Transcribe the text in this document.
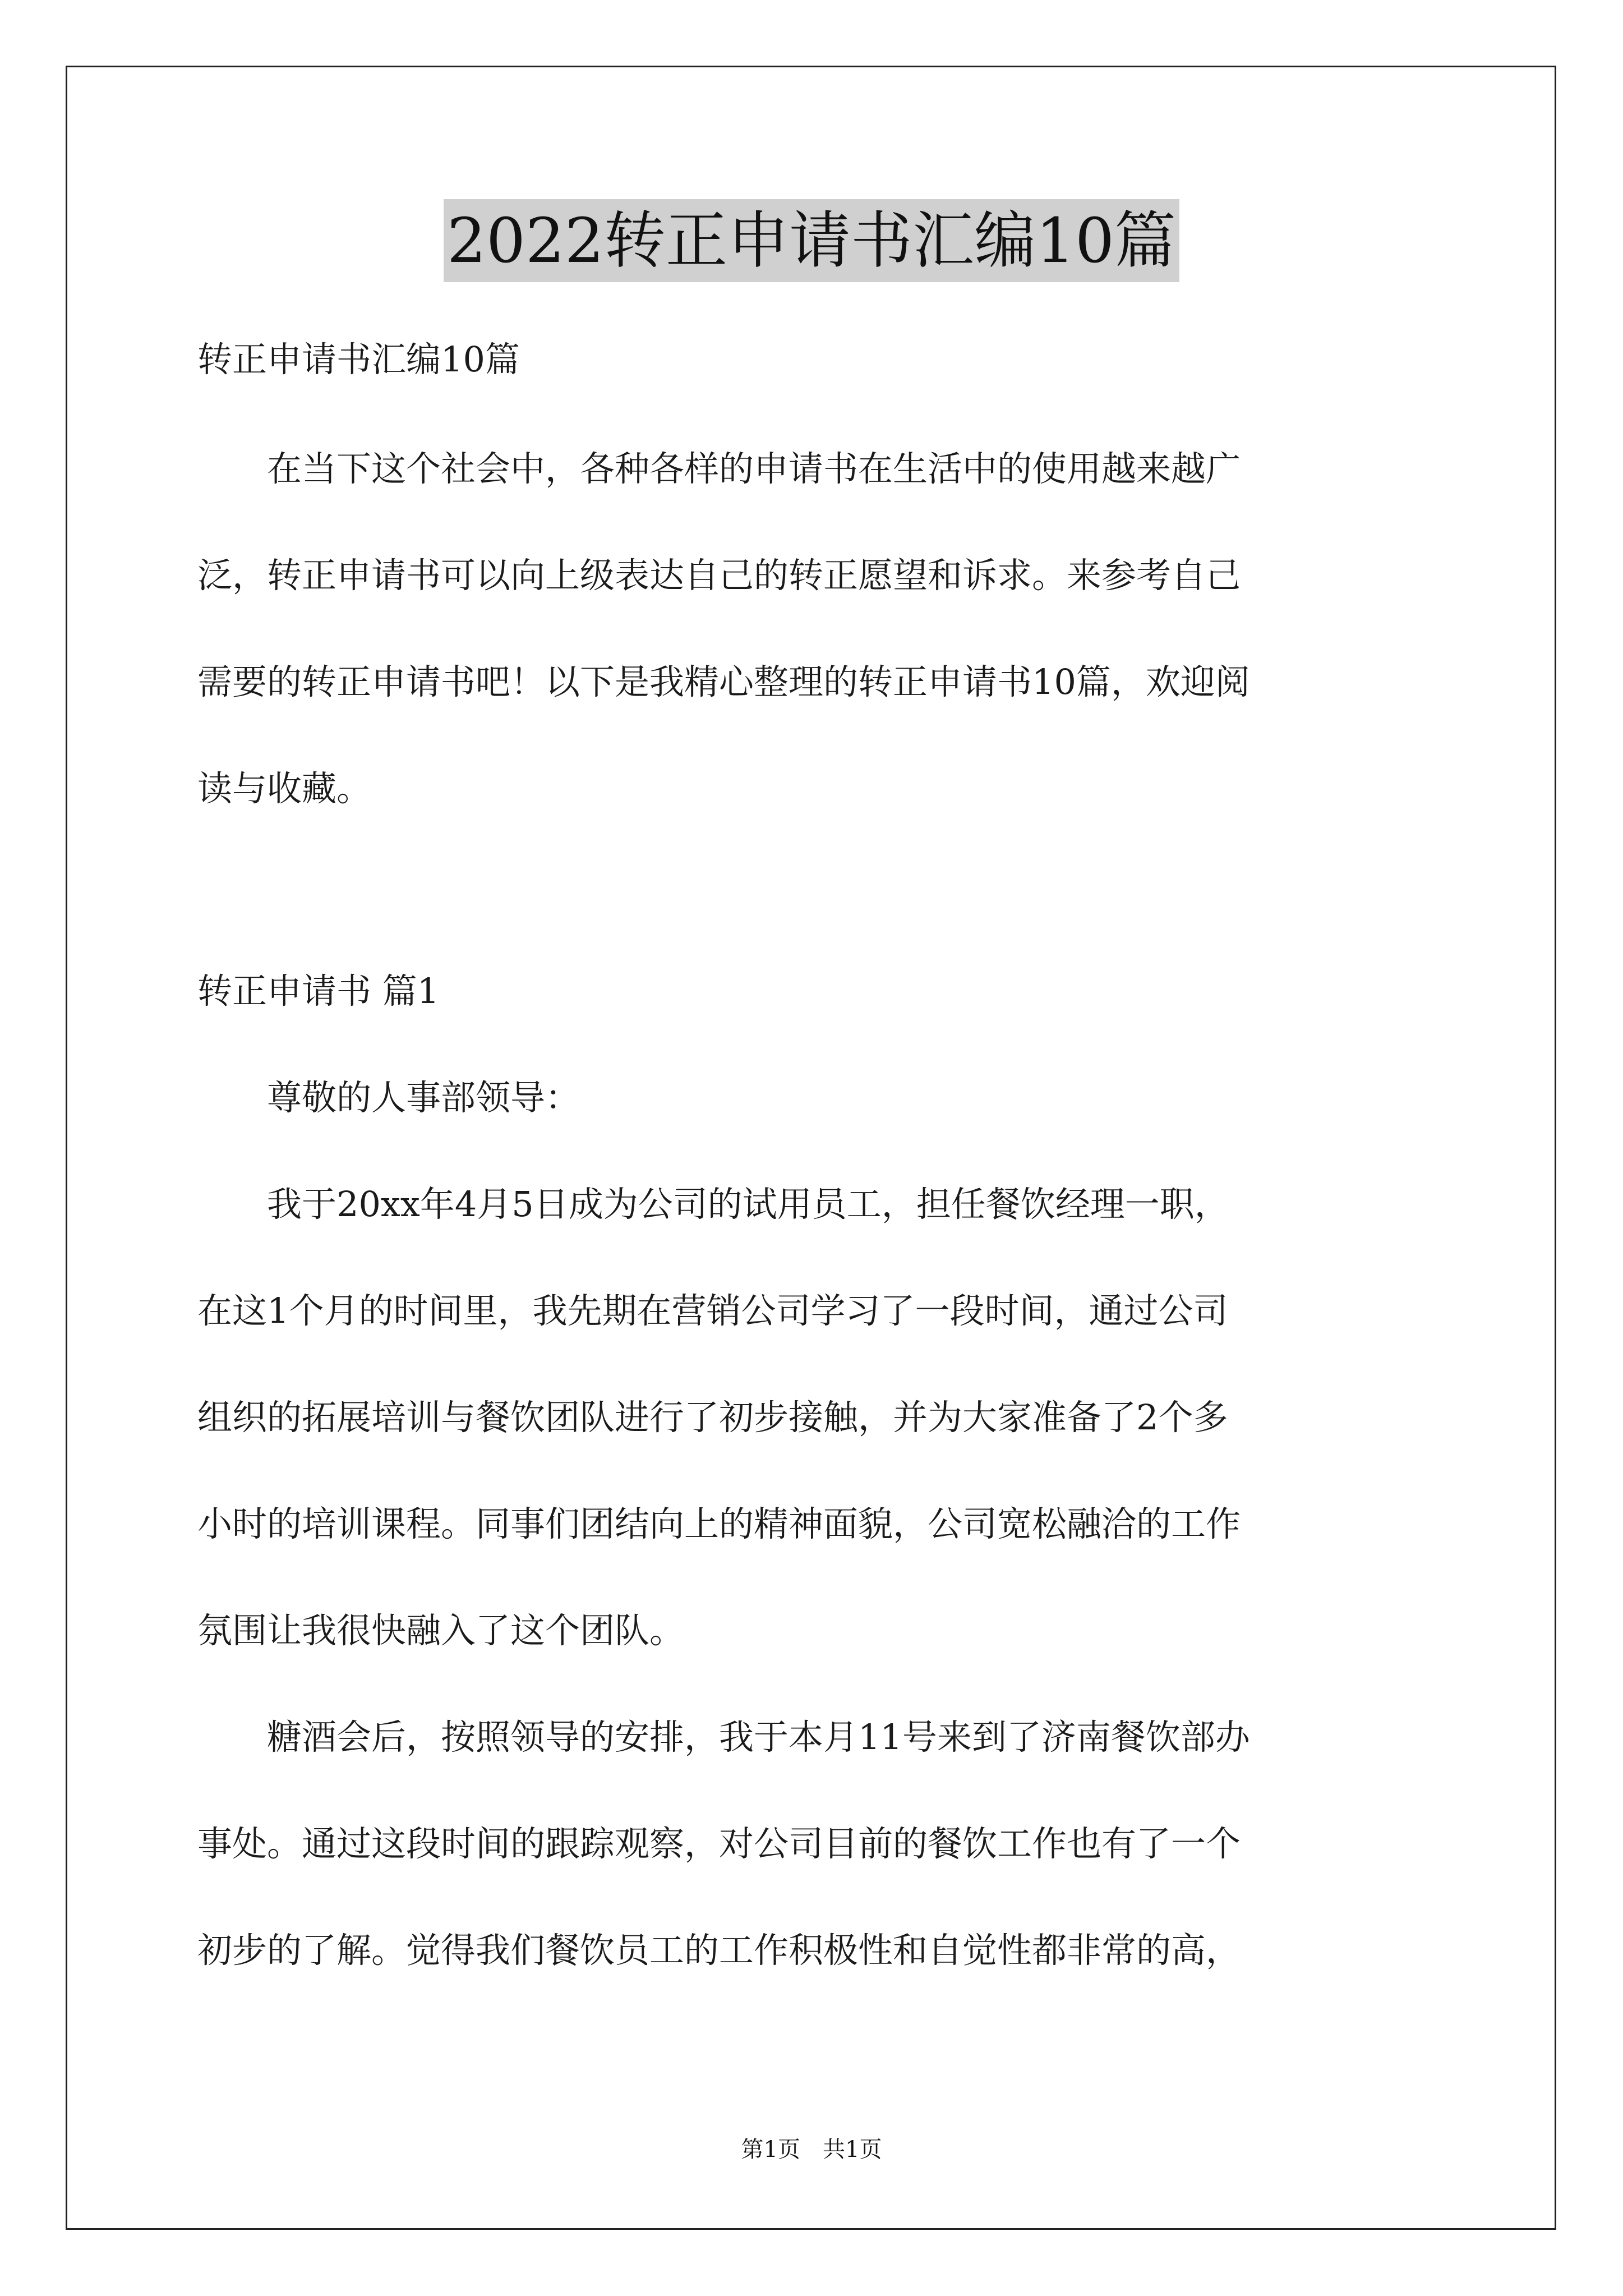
2022转正申请书汇编10篇
转正申请书汇编10篇
　　在当下这个社会中，各种各样的申请书在生活中的使用越来越广
泛，转正申请书可以向上级表达自己的转正愿望和诉求。来参考自己
需要的转正申请书吧！以下是我精心整理的转正申请书10篇，欢迎阅
读与收藏。
转正申请书 篇1
　　尊敬的人事部领导：
　　我于20xx年4月5日成为公司的试用员工，担任餐饮经理一职，
在这1个月的时间里，我先期在营销公司学习了一段时间，通过公司
组织的拓展培训与餐饮团队进行了初步接触，并为大家准备了2个多
小时的培训课程。同事们团结向上的精神面貌，公司宽松融洽的工作
氛围让我很快融入了这个团队。
　　糖酒会后，按照领导的安排，我于本月11号来到了济南餐饮部办
事处。通过这段时间的跟踪观察，对公司目前的餐饮工作也有了一个
初步的了解。觉得我们餐饮员工的工作积极性和自觉性都非常的高，
第1页　共1页
